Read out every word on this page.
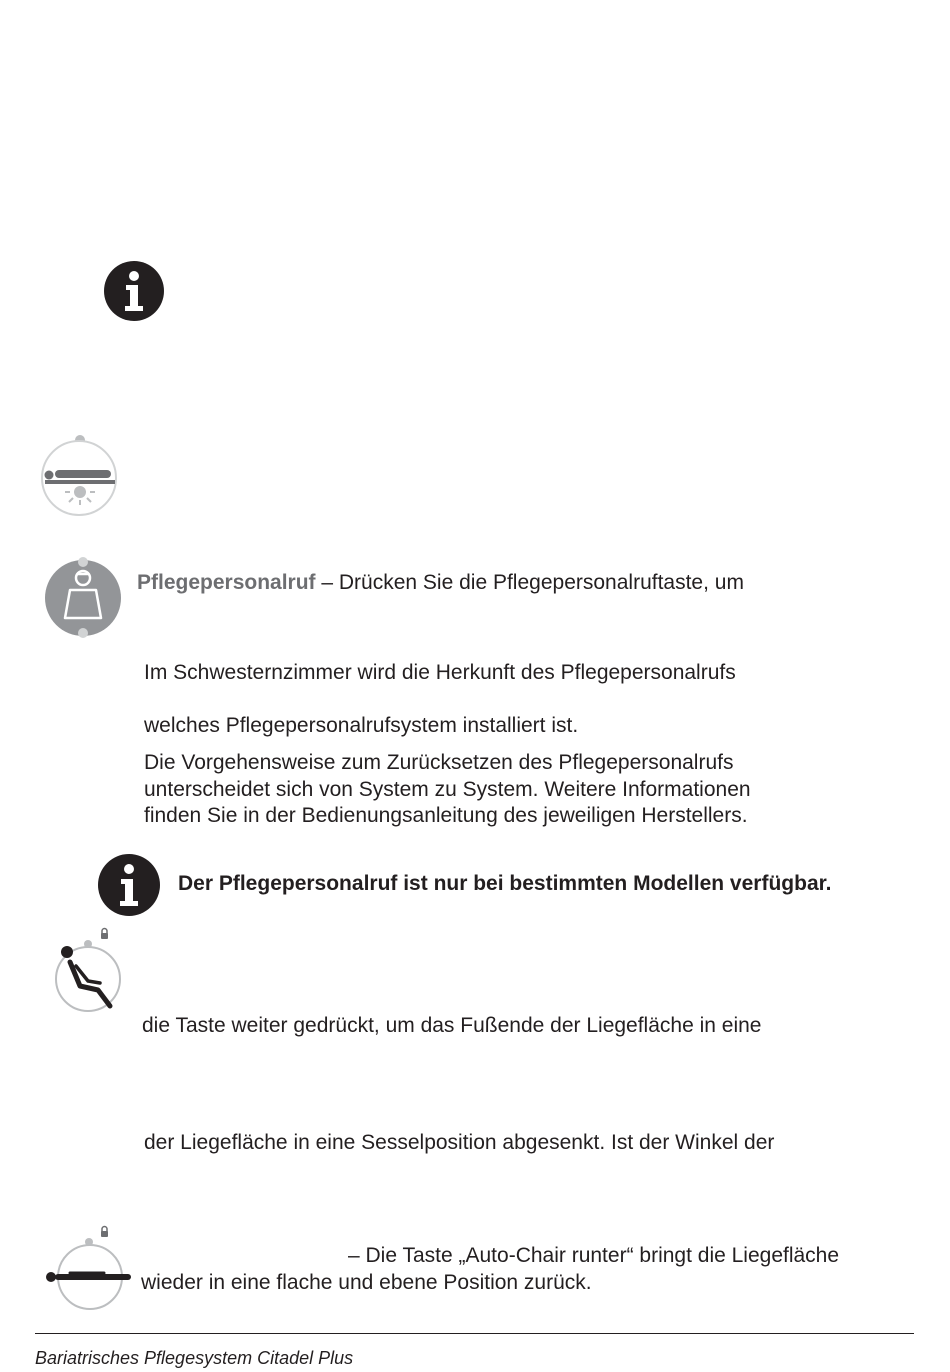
Pflegepersonalruf – Drücken Sie die Pflegepersonalruftaste, um
Im Schwesternzimmer wird die Herkunft des Pflegepersonalrufs
welches Pflegepersonalrufsystem installiert ist.
Die Vorgehensweise zum Zurücksetzen des Pflegepersonalrufs
unterscheidet sich von System zu System. Weitere Informationen
finden Sie in der Bedienungsanleitung des jeweiligen Herstellers.
Der Pflegepersonalruf ist nur bei bestimmten Modellen verfügbar.
die Taste weiter gedrückt, um das Fußende der Liegefläche in eine
der Liegefläche in eine Sesselposition abgesenkt. Ist der Winkel der
– Die Taste „Auto-Chair runter“ bringt die Liegefläche
wieder in eine flache und ebene Position zurück.
Bariatrisches Pflegesystem Citadel Plus
